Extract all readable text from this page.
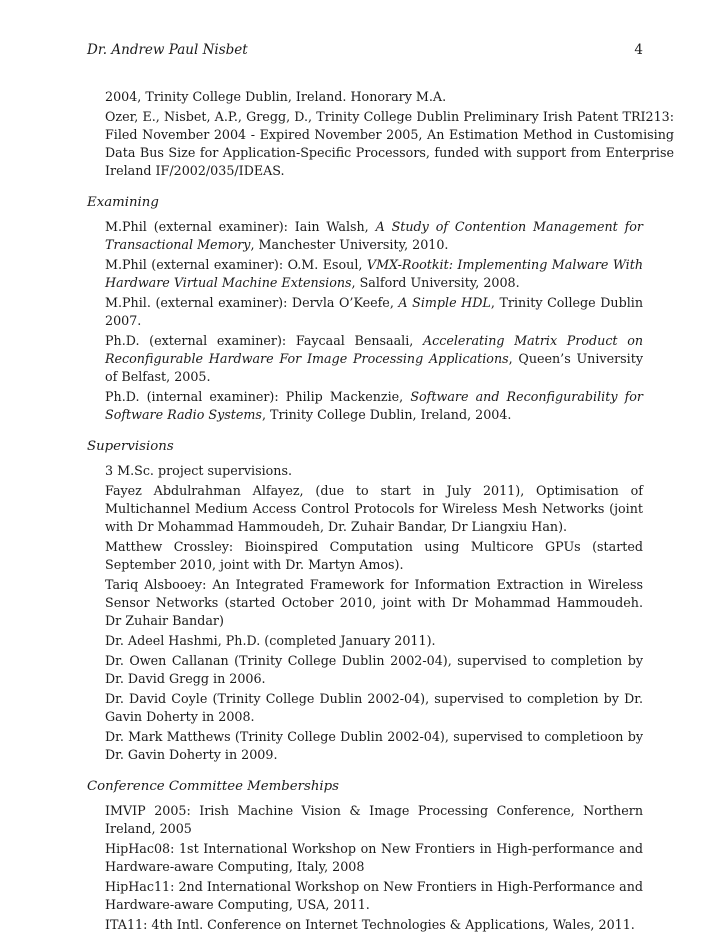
Dr. Andrew Paul Nisbet	4

2004, Trinity College Dublin, Ireland. Honorary M.A.

Ozer, E., Nisbet, A.P., Gregg, D., Trinity College Dublin Preliminary Irish Patent TRI213: Filed November 2004 - Expired November 2005, An Estimation Method in Customising Data Bus Size for Application-Specific Processors, funded with support from Enterprise Ireland IF/2002/035/IDEAS.

Examining

M.Phil (external examiner): Iain Walsh, A Study of Contention Management for Transactional Memory, Manchester University, 2010.

M.Phil (external examiner): O.M. Esoul, VMX-Rootkit: Implementing Malware With Hardware Virtual Machine Extensions, Salford University, 2008.

M.Phil. (external examiner): Dervla O’Keefe, A Simple HDL, Trinity College Dublin 2007.

Ph.D. (external examiner): Faycaal Bensaali, Accelerating Matrix Product on Reconfigurable Hardware For Image Processing Applications, Queen’s University of Belfast, 2005.

Ph.D. (internal examiner): Philip Mackenzie, Software and Reconfigurability for Software Radio Systems, Trinity College Dublin, Ireland, 2004.

Supervisions

3 M.Sc. project supervisions.

Fayez Abdulrahman Alfayez, (due to start in July 2011), Optimisation of Multichannel Medium Access Control Protocols for Wireless Mesh Networks (joint with Dr Mohammad Hammoudeh, Dr. Zuhair Bandar, Dr Liangxiu Han).

Matthew Crossley: Bioinspired Computation using Multicore GPUs (started September 2010, joint with Dr. Martyn Amos).

Tariq Alsbooey: An Integrated Framework for Information Extraction in Wireless Sensor Networks (started October 2010, joint with Dr Mohammad Hammoudeh. Dr Zuhair Bandar)

Dr. Adeel Hashmi, Ph.D. (completed January 2011).

Dr. Owen Callanan (Trinity College Dublin 2002-04), supervised to completion by Dr. David Gregg in 2006.

Dr. David Coyle (Trinity College Dublin 2002-04), supervised to completion by Dr. Gavin Doherty in 2008.

Dr. Mark Matthews (Trinity College Dublin 2002-04), supervised to completioon by Dr. Gavin Doherty in 2009.

Conference Committee Memberships

IMVIP 2005: Irish Machine Vision & Image Processing Conference, Northern Ireland, 2005

HipHac08: 1st International Workshop on New Frontiers in High-performance and Hardware-aware Computing, Italy, 2008

HipHac11: 2nd International Workshop on New Frontiers in High-Performance and Hardware-aware Computing, USA, 2011.

ITA11: 4th Intl. Conference on Internet Technologies & Applications, Wales, 2011.
